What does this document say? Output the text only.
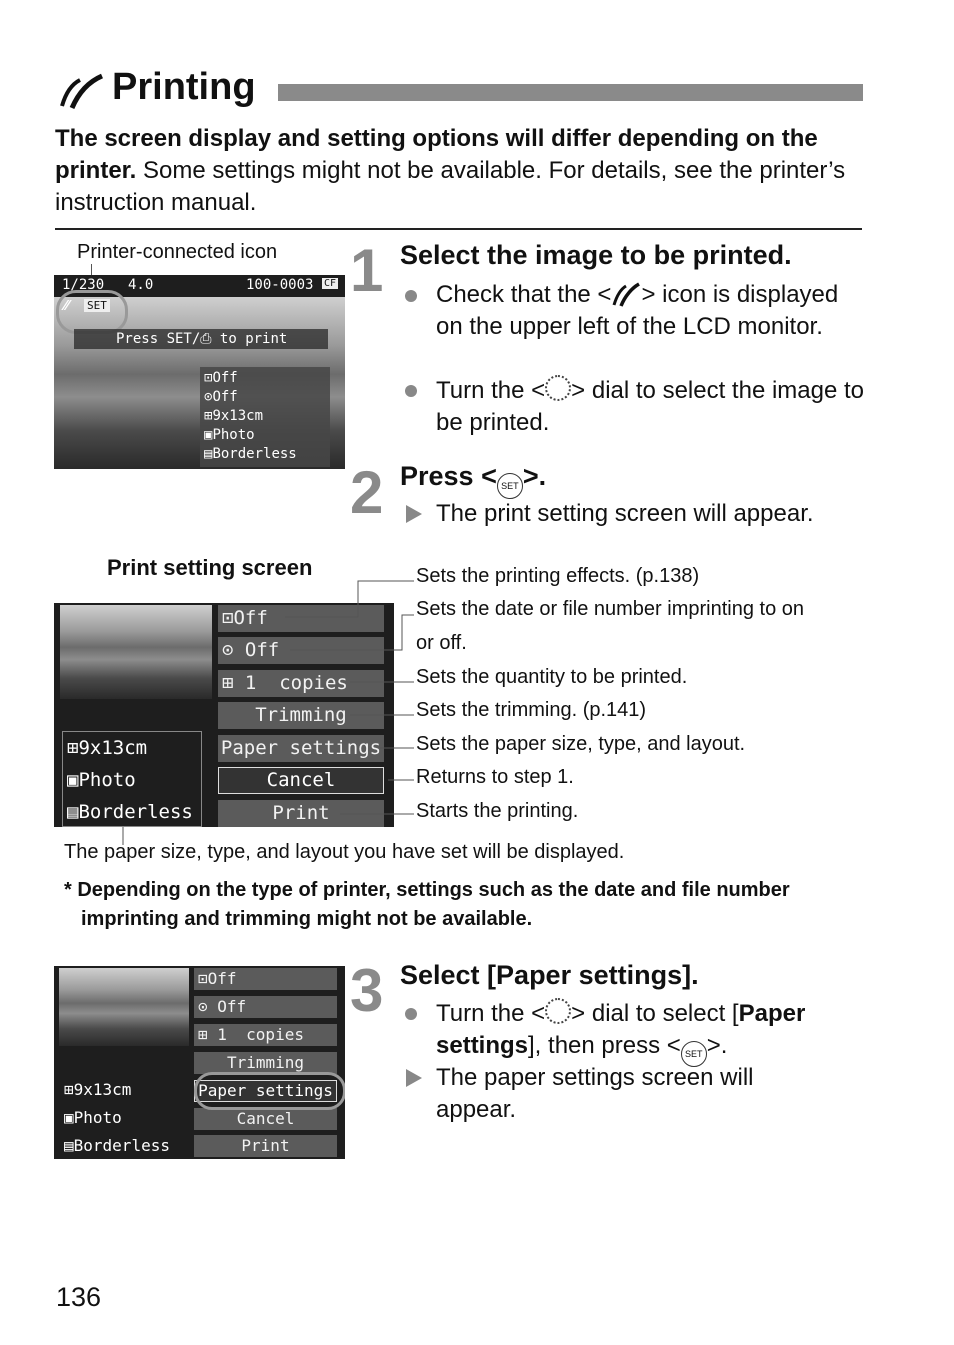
Printing
The screen display and setting options will differ depending on the printer. Some settings might not be available. For details, see the printer’s instruction manual.
Printer-connected icon
1/230 4.0	100-0003 CF
⁄⁄ SET
Press SET/⎙ to print
⊡Off
⊙Off
⊞9x13cm
▣Photo
▤Borderless
1 Select the image to be printed.
Check that the < > icon is displayed on the upper left of the LCD monitor.
Turn the < > dial to select the image to be printed.
2 Press < SET >.
The print setting screen will appear.
Print setting screen
⊞9x13cm
▣Photo
▤Borderless
⊡Off
⊙ Off
⊞ 1  copies
Trimming
Paper settings
Cancel
Print
Sets the printing effects. (p.138)
Sets the date or file number imprinting to on
or off.
Sets the quantity to be printed.
Sets the trimming. (p.141)
Sets the paper size, type, and layout.
Returns to step 1.
Starts the printing.
The paper size, type, and layout you have set will be displayed.
* Depending on the type of printer, settings such as the date and file number imprinting and trimming might not be available.
⊞9x13cm
▣Photo
▤Borderless
⊡Off
⊙ Off
⊞ 1  copies
Trimming
Paper settings
Cancel
Print
3 Select [Paper settings].
Turn the < > dial to select [Paper settings], then press < SET >.
The paper settings screen will appear.
136
